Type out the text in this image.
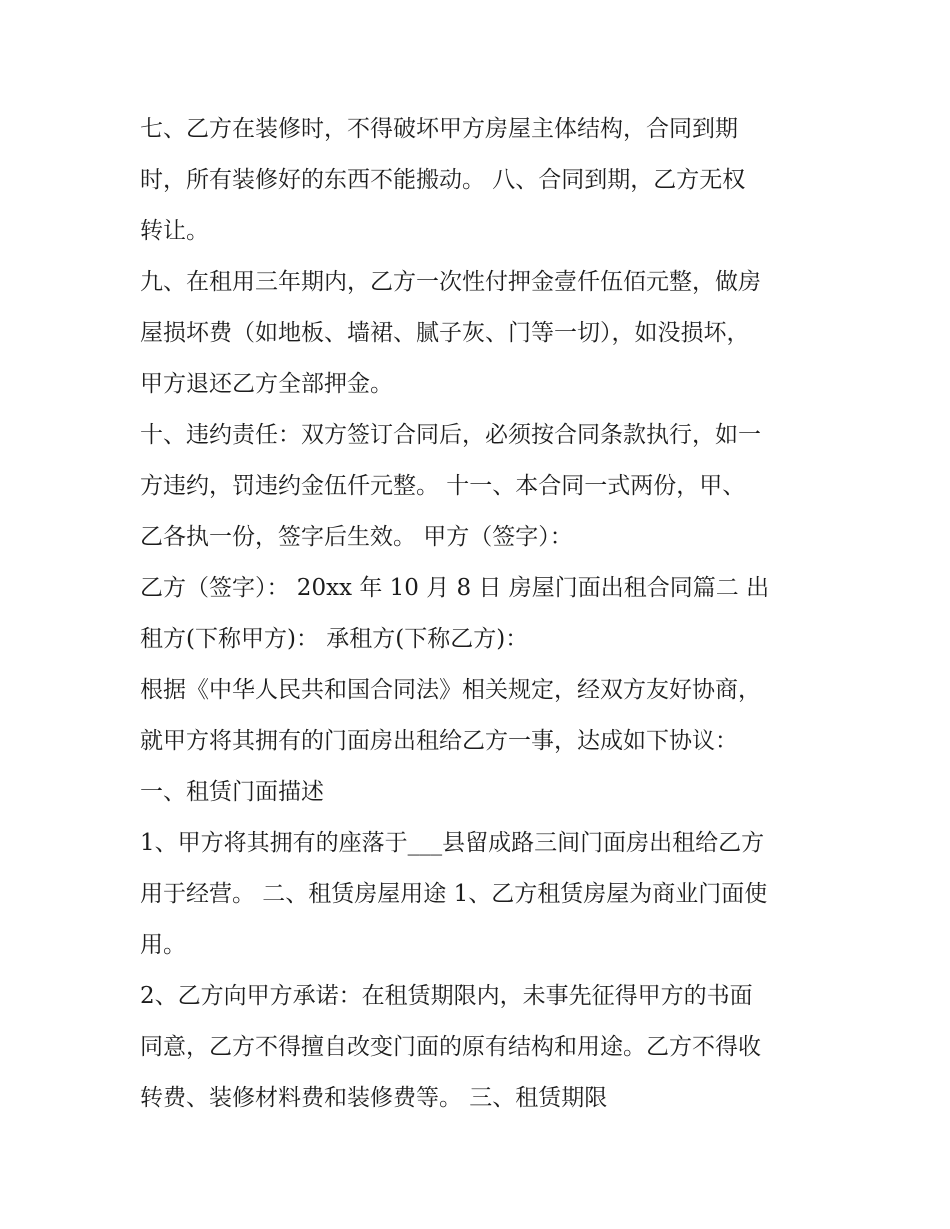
七、乙方在装修时，不得破坏甲方房屋主体结构，合同到期
时，所有装修好的东西不能搬动。 八、合同到期，乙方无权
转让。
九、在租用三年期内，乙方一次性付押金壹仟伍佰元整，做房
屋损坏费（如地板、墙裙、腻子灰、门等一切），如没损坏，
甲方退还乙方全部押金。
十、违约责任：双方签订合同后，必须按合同条款执行，如一
方违约，罚违约金伍仟元整。 十一、本合同一式两份，甲、
乙各执一份，签字后生效。 甲方（签字）：
乙方（签字）： 20xx 年 10 月 8 日 房屋门面出租合同篇二 出
租方(下称甲方)： 承租方(下称乙方)：
根据《中华人民共和国合同法》相关规定，经双方友好协商，
就甲方将其拥有的门面房出租给乙方一事，达成如下协议：
一、租赁门面描述
1、甲方将其拥有的座落于___县留成路三间门面房出租给乙方
用于经营。 二、租赁房屋用途 1、乙方租赁房屋为商业门面使
用。
2、乙方向甲方承诺：在租赁期限内，未事先征得甲方的书面
同意，乙方不得擅自改变门面的原有结构和用途。乙方不得收
转费、装修材料费和装修费等。 三、租赁期限
